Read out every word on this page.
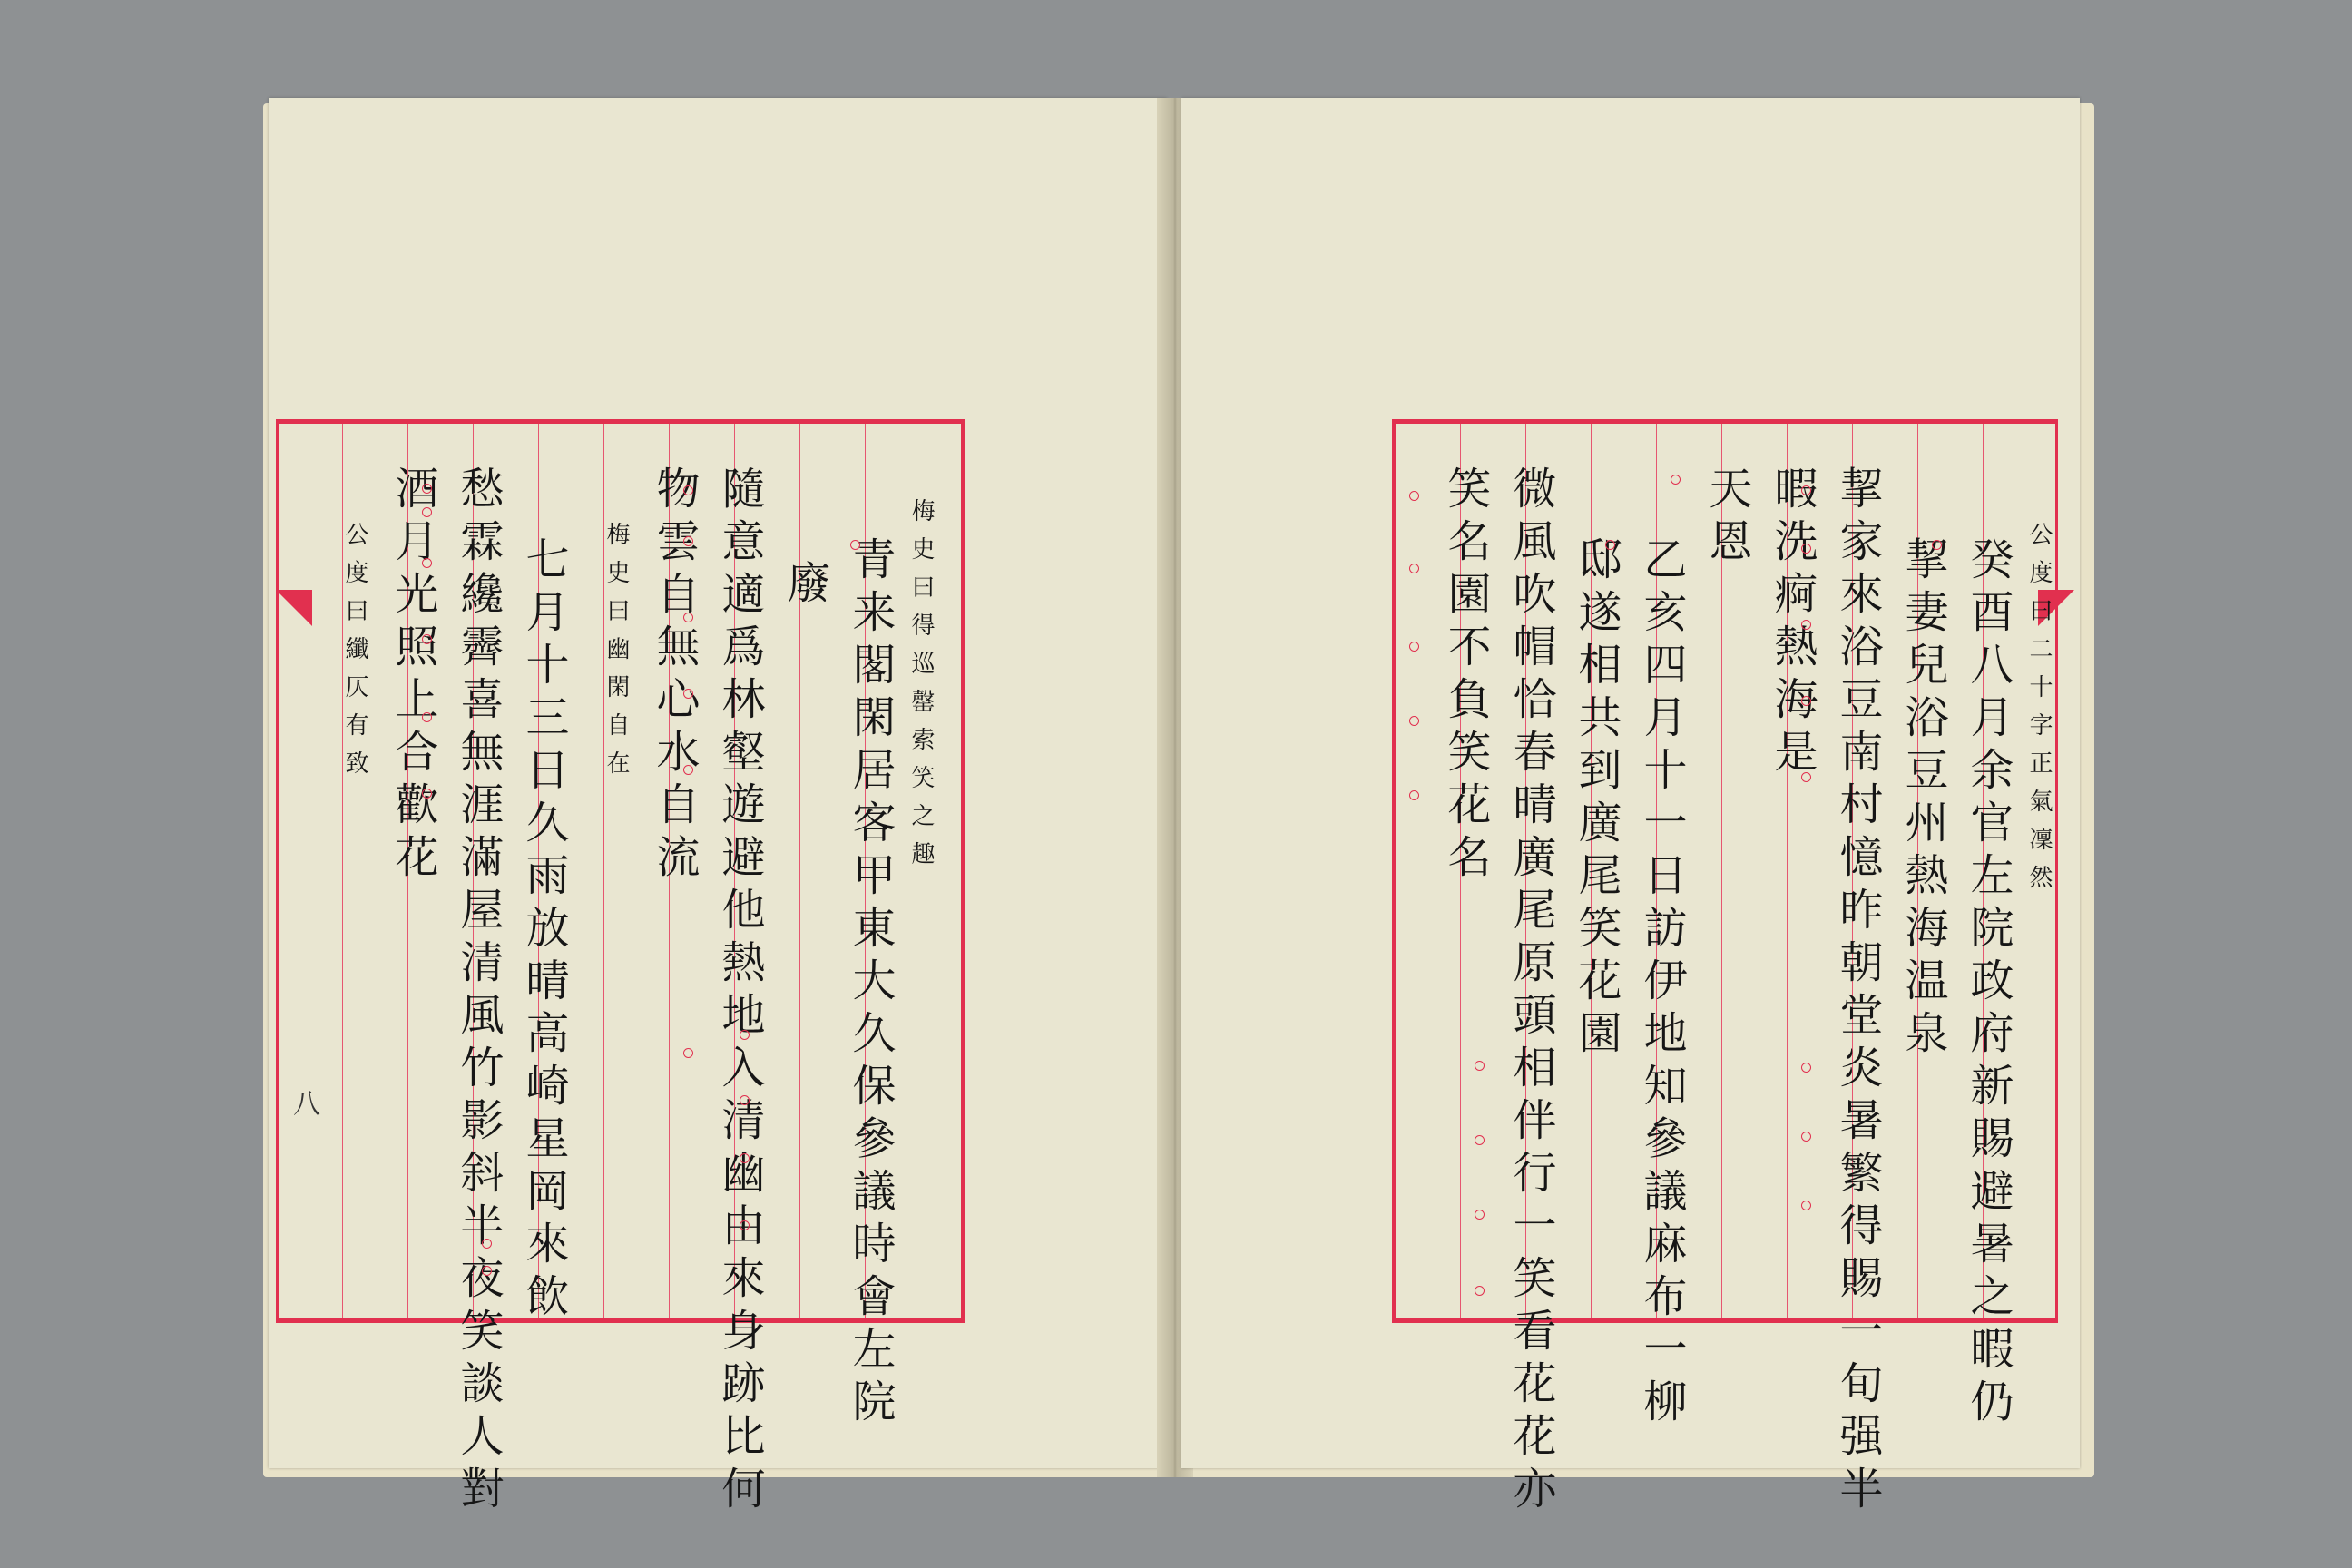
梅史曰得巡罄索笑之趣
青来閣閑居客甲東大久保參議時會左院
廢
隨意適爲林壑遊避他熱地入清幽由來身跡比何
物雲自無心水自流
梅史曰幽閑自在
七月十三日久雨放晴高崎星岡來飲
愁霖纔霽喜無涯滿屋清風竹影斜半夜笑談人對
酒月光照上合歡花
公度曰纖仄有致
八
公度曰二十字正氣凜然
癸酉八月余官左院政府新賜避暑之暇仍
挈妻兒浴豆州熱海温泉
挈家來浴豆南村憶昨朝堂炎暑繁得賜一旬强半
暇洗痾熱海是
天恩
乙亥四月十一日訪伊地知參議麻布一柳
邸遂相共到廣尾笑花園
微風吹帽恰春晴廣尾原頭相伴行一笑看花花亦
笑名園不負笑花名
